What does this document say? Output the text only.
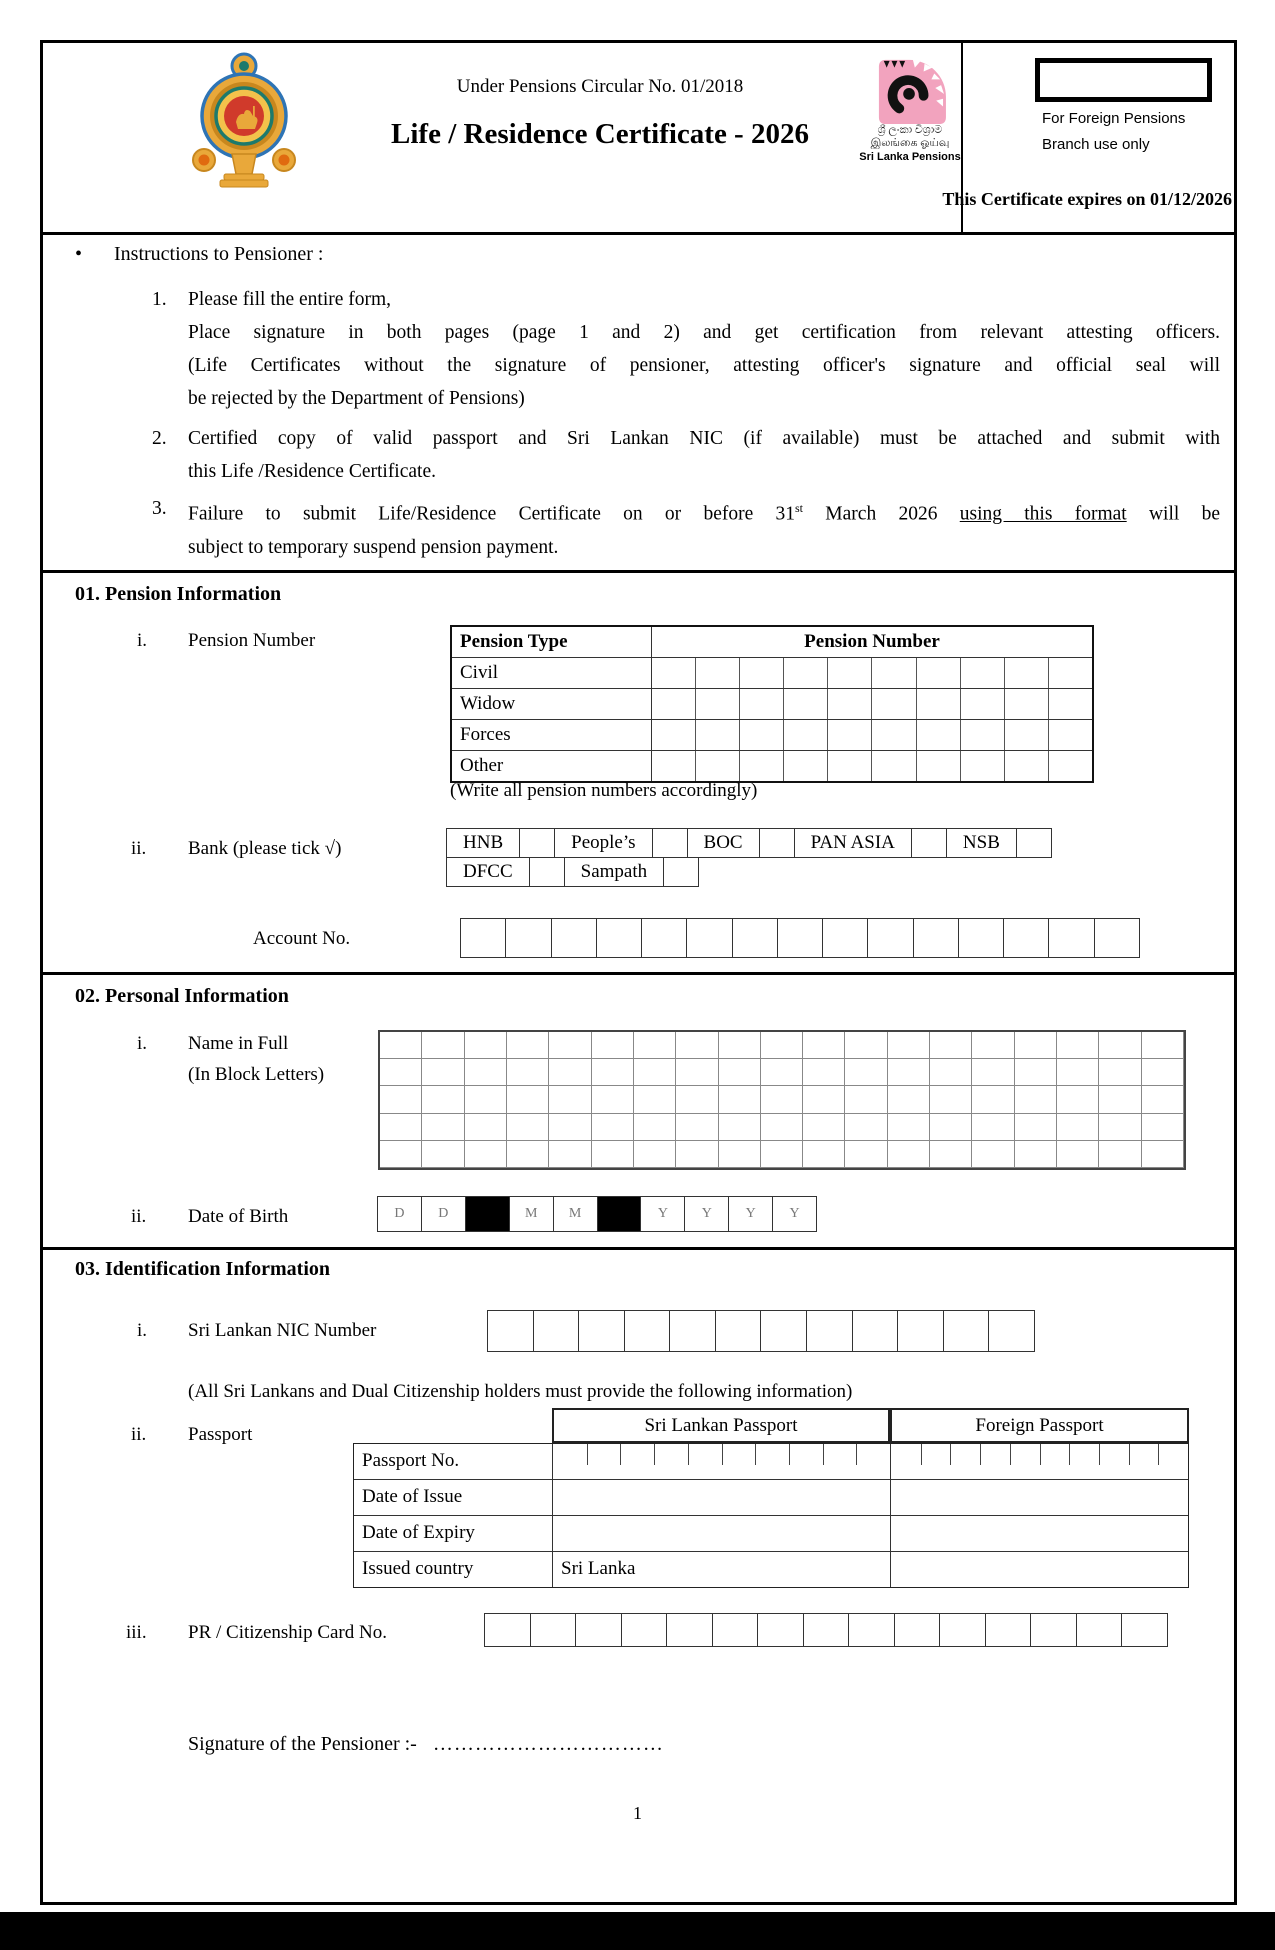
Under Pensions Circular No. 01/2018
Life / Residence Certificate - 2026	ශ්‍රී ලංකා විශ්‍රාම
இலங்கை ஓய்வு
Sri Lanka Pensions
For Foreign Pensions
Branch use only
This Certificate expires on 01/12/2026
• Instructions to Pensioner :
1. Please fill the entire form,
Place signature in both pages (page 1 and 2) and get certification from relevant attesting officers.
(Life Certificates without the signature of pensioner, attesting officer's signature and official seal will
be rejected by the Department of Pensions)
2. Certified copy of valid passport and Sri Lankan NIC (if available) must be attached and submit with
this Life /Residence Certificate.
3. Failure to submit Life/Residence Certificate on or before 31st March 2026 using this format will be
subject to temporary suspend pension payment.
01. Pension Information
i. Pension Number	Pension Type	Pension Number
Civil
Widow
Forces
Other
(Write all pension numbers accordingly)
ii. Bank (please tick √)	HNB	People’s	BOC	PAN ASIA	NSB
DFCC	Sampath
Account No.
02. Personal Information
i. Name in Full
(In Block Letters)
ii. Date of Birth	D	D	M	M	Y	Y	Y	Y
03. Identification Information
i. Sri Lankan NIC Number
(All Sri Lankans and Dual Citizenship holders must provide the following information)
ii. Passport	Sri Lankan Passport	Foreign Passport
Passport No.
Date of Issue
Date of Expiry
Issued country	Sri Lanka
iii. PR / Citizenship Card No.
Signature of the Pensioner :- ……………………………
1
